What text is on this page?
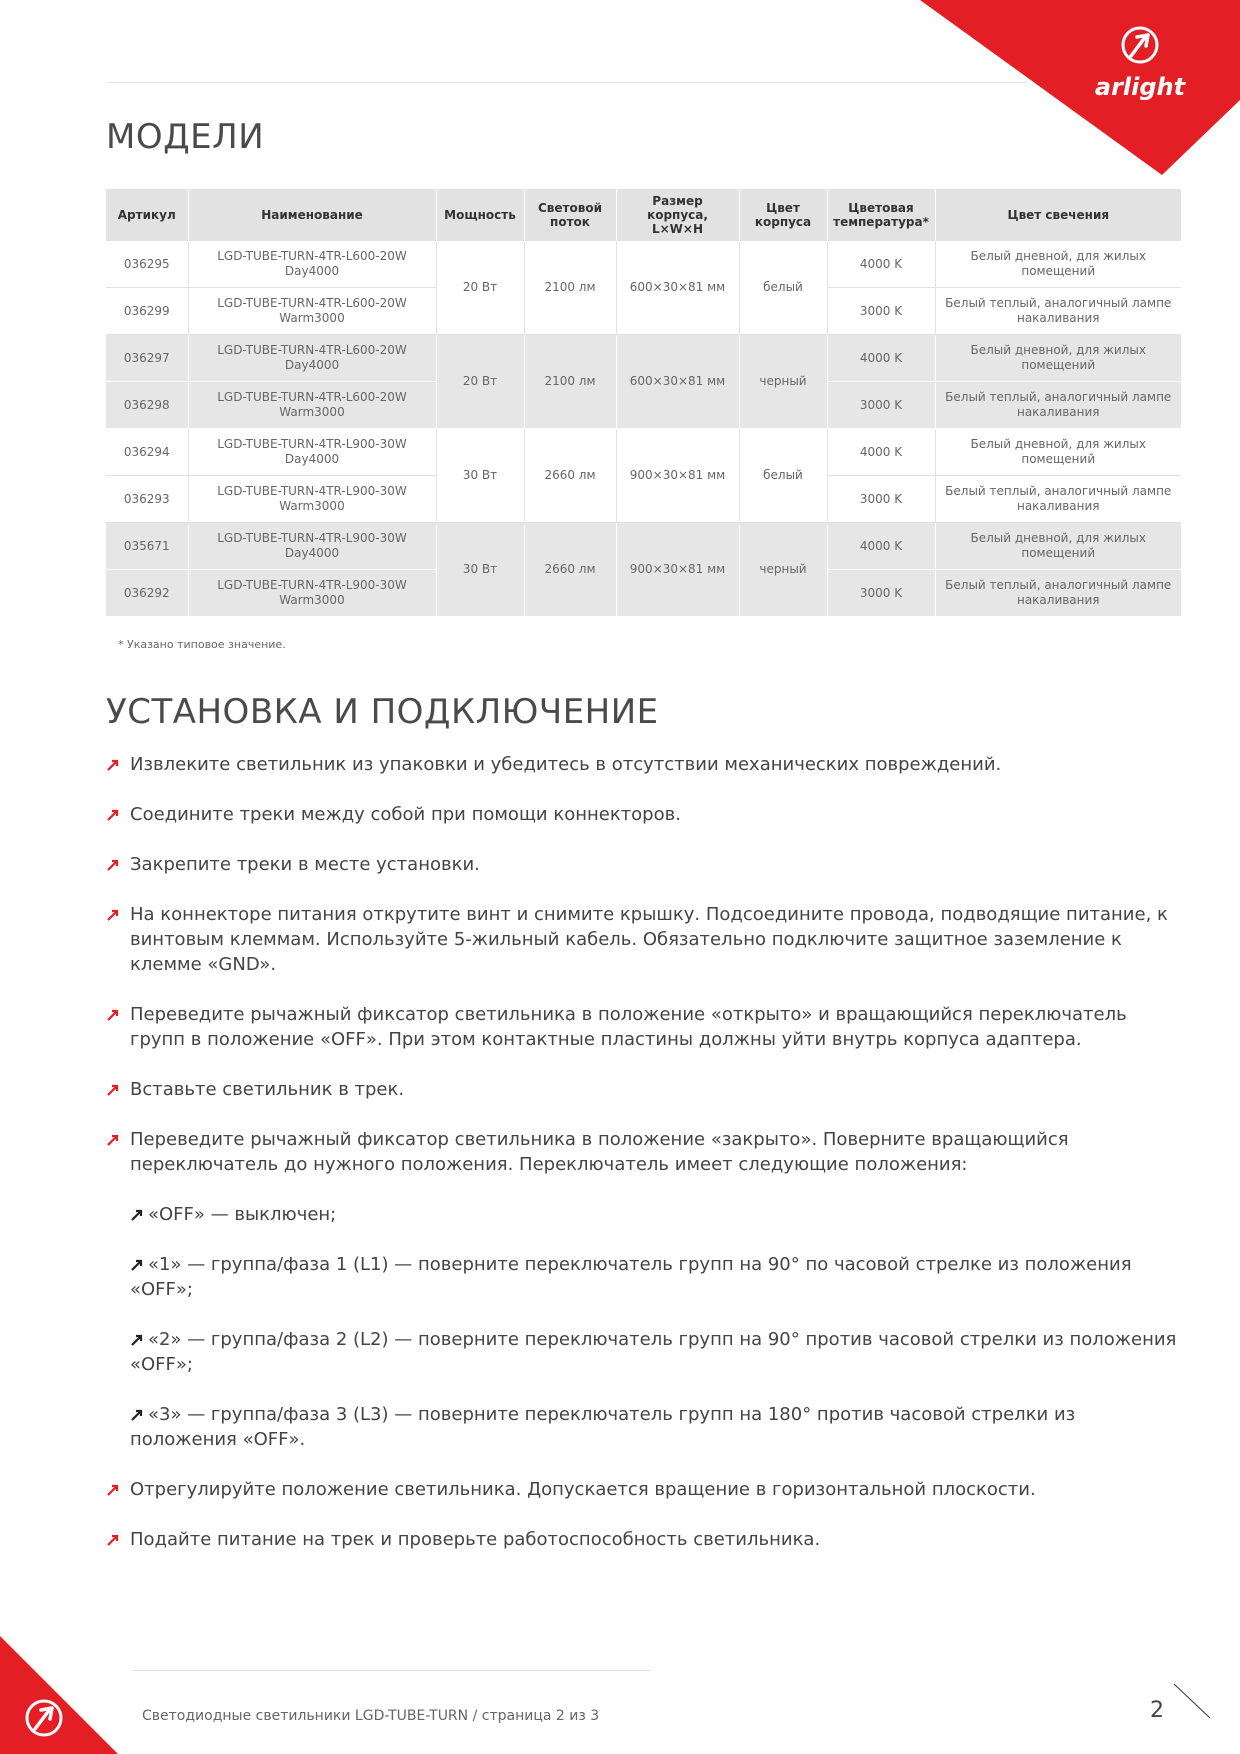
arlight
МОДЕЛИ
Артикул	Наименование	Мощность	Световой поток	Размер корпуса, L×W×H	Цвет корпуса	Цветовая температура*	Цвет свечения
036295	LGD-TUBE-TURN-4TR-L600-20W Day4000	20 Вт	2100 лм	600×30×81 мм	белый	4000 K	Белый дневной, для жилых помещений
036299	LGD-TUBE-TURN-4TR-L600-20W Warm3000					3000 K	Белый теплый, аналогичный лампе накаливания
036297	LGD-TUBE-TURN-4TR-L600-20W Day4000	20 Вт	2100 лм	600×30×81 мм	черный	4000 K	Белый дневной, для жилых помещений
036298	LGD-TUBE-TURN-4TR-L600-20W Warm3000					3000 K	Белый теплый, аналогичный лампе накаливания
036294	LGD-TUBE-TURN-4TR-L900-30W Day4000	30 Вт	2660 лм	900×30×81 мм	белый	4000 K	Белый дневной, для жилых помещений
036293	LGD-TUBE-TURN-4TR-L900-30W Warm3000					3000 K	Белый теплый, аналогичный лампе накаливания
035671	LGD-TUBE-TURN-4TR-L900-30W Day4000	30 Вт	2660 лм	900×30×81 мм	черный	4000 K	Белый дневной, для жилых помещений
036292	LGD-TUBE-TURN-4TR-L900-30W Warm3000					3000 K	Белый теплый, аналогичный лампе накаливания
* Указано типовое значение.
УСТАНОВКА И ПОДКЛЮЧЕНИЕ
Извлеките светильник из упаковки и убедитесь в отсутствии механических повреждений.
Соедините треки между собой при помощи коннекторов.
Закрепите треки в месте установки.
На коннекторе питания открутите винт и снимите крышку. Подсоедините провода, подводящие питание, к винтовым клеммам. Используйте 5-жильный кабель. Обязательно подключите защитное заземление к клемме «GND».
Переведите рычажный фиксатор светильника в положение «открыто» и вращающийся переключатель групп в положение «OFF». При этом контактные пластины должны уйти внутрь корпуса адаптера.
Вставьте светильник в трек.
Переведите рычажный фиксатор светильника в положение «закрыто». Поверните вращающийся переключатель до нужного положения. Переключатель имеет следующие положения:
«OFF» — выключен;
«1» — группа/фаза 1 (L1) — поверните переключатель групп на 90° по часовой стрелке из положения «OFF»;
«2» — группа/фаза 2 (L2) — поверните переключатель групп на 90° против часовой стрелки из положения «OFF»;
«3» — группа/фаза 3 (L3) — поверните переключатель групп на 180° против часовой стрелки из положения «OFF».
Отрегулируйте положение светильника. Допускается вращение в горизонтальной плоскости.
Подайте питание на трек и проверьте работоспособность светильника.
Светодиодные светильники LGD-TUBE-TURN / страница 2 из 3	2
